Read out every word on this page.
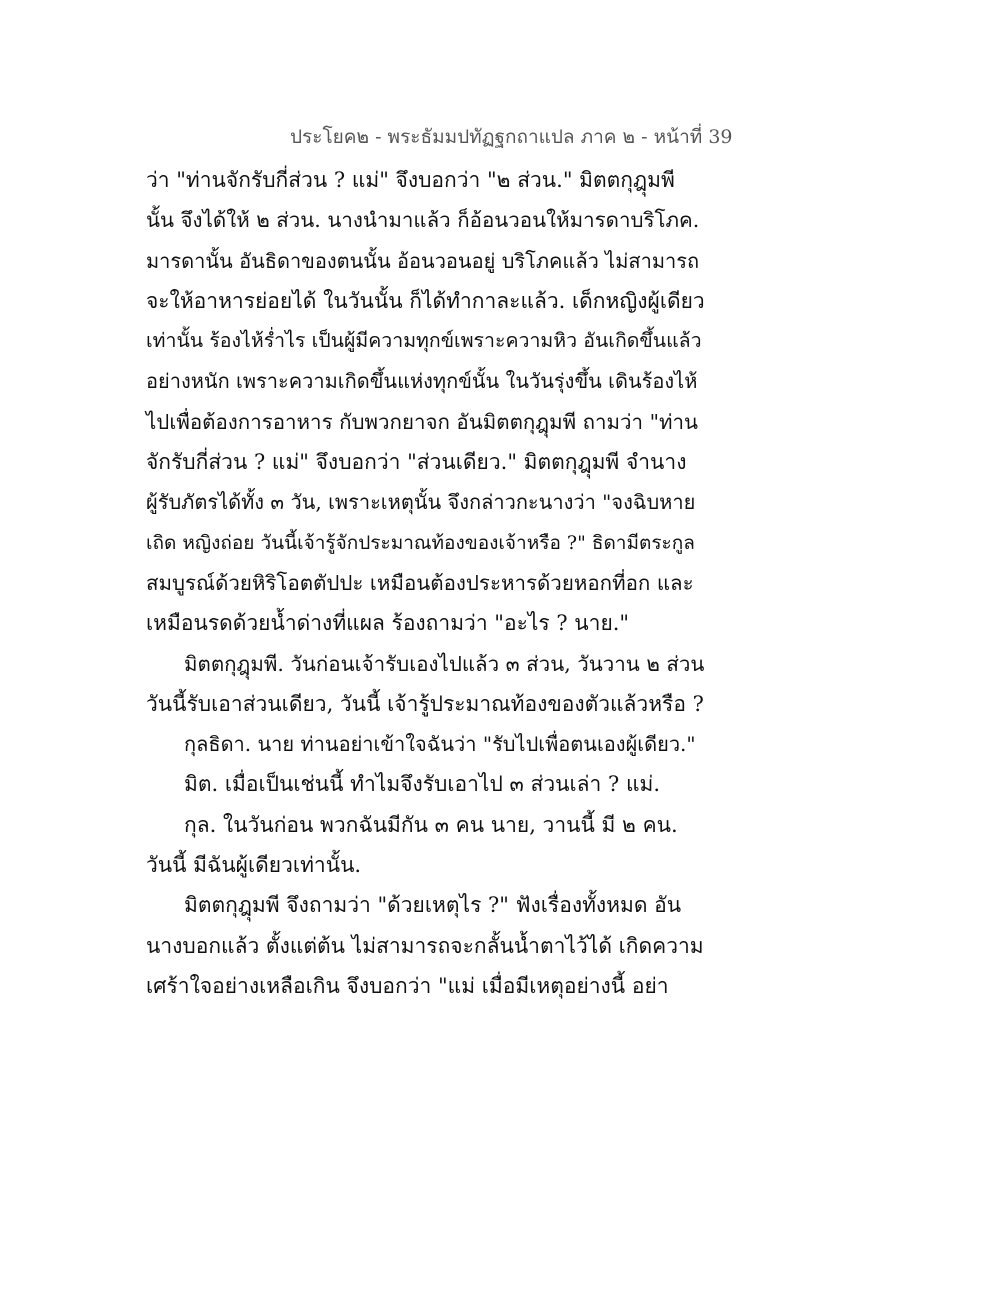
ประโยค๒ - พระธัมมปทัฏฐกถาแปล ภาค ๒ - หน้าที่ 39
ว่า "ท่านจักรับกี่ส่วน ? แม่" จึงบอกว่า "๒ ส่วน." มิตตกุฎุมพี
นั้น จึงได้ให้ ๒ ส่วน. นางนำมาแล้ว ก็อ้อนวอนให้มารดาบริโภค.
มารดานั้น อันธิดาของตนนั้น อ้อนวอนอยู่ บริโภคแล้ว ไม่สามารถ
จะให้อาหารย่อยได้ ในวันนั้น ก็ได้ทำกาละแล้ว. เด็กหญิงผู้เดียว
เท่านั้น ร้องไห้ร่ำไร เป็นผู้มีความทุกข์เพราะความหิว อันเกิดขึ้นแล้ว
อย่างหนัก เพราะความเกิดขึ้นแห่งทุกข์นั้น ในวันรุ่งขึ้น เดินร้องไห้
ไปเพื่อต้องการอาหาร กับพวกยาจก อันมิตตกุฎุมพี ถามว่า "ท่าน
จักรับกี่ส่วน ? แม่" จึงบอกว่า "ส่วนเดียว." มิตตกุฎุมพี จำนาง
ผู้รับภัตรได้ทั้ง ๓ วัน, เพราะเหตุนั้น จึงกล่าวกะนางว่า "จงฉิบหาย
เถิด หญิงถ่อย วันนี้เจ้ารู้จักประมาณท้องของเจ้าหรือ ?" ธิดามีตระกูล
สมบูรณ์ด้วยหิริโอตตัปปะ เหมือนต้องประหารด้วยหอกที่อก และ
เหมือนรดด้วยน้ำด่างที่แผล ร้องถามว่า "อะไร ? นาย."
มิตตกุฎุมพี. วันก่อนเจ้ารับเองไปแล้ว ๓ ส่วน, วันวาน ๒ ส่วน
วันนี้รับเอาส่วนเดียว, วันนี้ เจ้ารู้ประมาณท้องของตัวแล้วหรือ ?
กุลธิดา. นาย ท่านอย่าเข้าใจฉันว่า "รับไปเพื่อตนเองผู้เดียว."
มิต. เมื่อเป็นเช่นนี้ ทำไมจึงรับเอาไป ๓ ส่วนเล่า ? แม่.
กุล. ในวันก่อน พวกฉันมีกัน ๓ คน นาย, วานนี้ มี ๒ คน.
วันนี้ มีฉันผู้เดียวเท่านั้น.
มิตตกุฎุมพี จึงถามว่า "ด้วยเหตุไร ?" ฟังเรื่องทั้งหมด อัน
นางบอกแล้ว ตั้งแต่ต้น ไม่สามารถจะกลั้นน้ำตาไว้ได้ เกิดความ
เศร้าใจอย่างเหลือเกิน จึงบอกว่า "แม่ เมื่อมีเหตุอย่างนี้ อย่า
